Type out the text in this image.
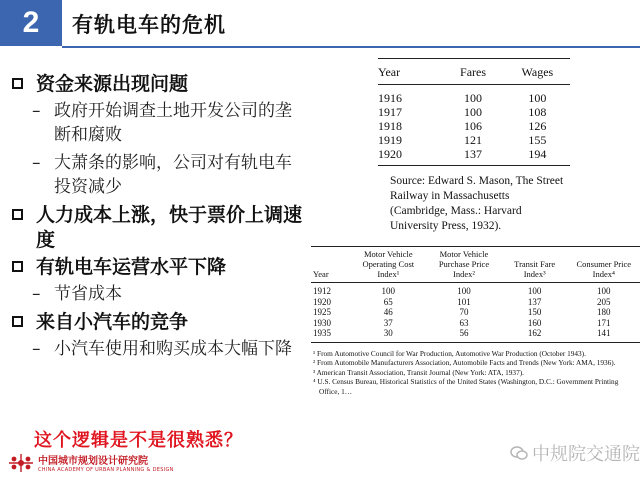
2	有轨电车的危机
资金来源出现问题
– 政府开始调查土地开发公司的垄断和腐败
– 大萧条的影响，公司对有轨电车投资减少
人力成本上涨，快于票价上调速度
有轨电车运营水平下降
– 节省成本
来自小汽车的竞争
– 小汽车使用和购买成本大幅下降
这个逻辑是不是很熟悉？
中国城市规划设计研究院
CHINA ACADEMY OF URBAN PLANNING & DESIGN
中规院交通院
Year	Fares	Wages

1916	100	100
1917	100	108
1918	106	126
1919	121	155
1920	137	194

Source: Edward S. Mason, The Street Railway in Massachusetts (Cambridge, Mass.: Harvard University Press, 1932).
Year	Motor Vehicle Operating Cost Index¹	Motor Vehicle Purchase Price Index²	Transit Fare Index³	Consumer Price Index⁴

1912	100	100	100	100
1920	65	101	137	205
1925	46	70	150	180
1930	37	63	160	171
1935	30	56	162	141

¹ From Automotive Council for War Production, Automotive War Production (October 1943).
² From Automobile Manufacturers Association, Automobile Facts and Trends (New York: AMA, 1936).
³ American Transit Association, Transit Journal (New York: ATA, 1937).
⁴ U.S. Census Bureau, Historical Statistics of the United States (Washington, D.C.: Government Printing Office, 1…
